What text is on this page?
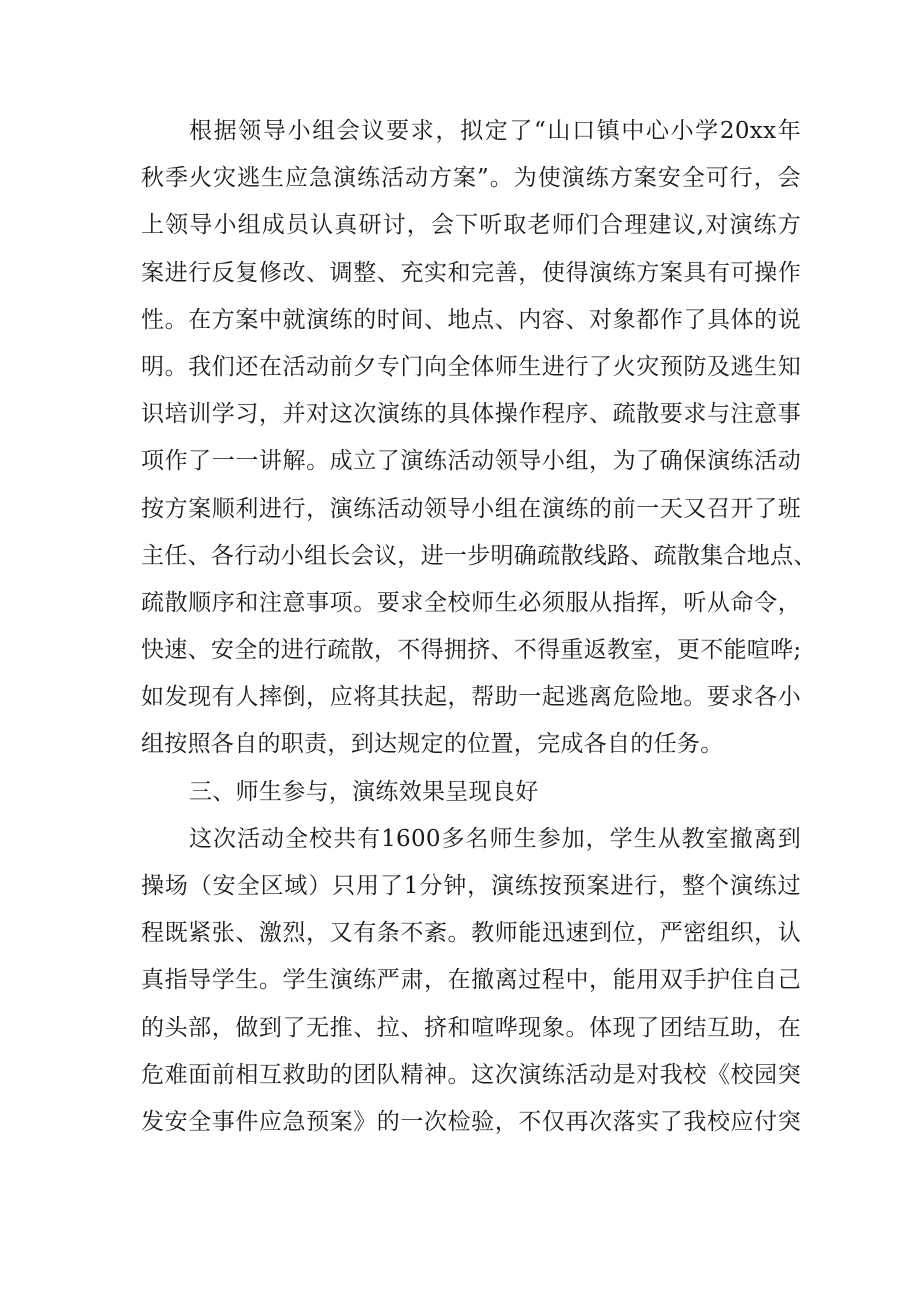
根据领导小组会议要求，拟定了“山口镇中心小学20xx年
秋季火灾逃生应急演练活动方案”。为使演练方案安全可行，会
上领导小组成员认真研讨，会下听取老师们合理建议,对演练方
案进行反复修改、调整、充实和完善，使得演练方案具有可操作
性。在方案中就演练的时间、地点、内容、对象都作了具体的说
明。我们还在活动前夕专门向全体师生进行了火灾预防及逃生知
识培训学习，并对这次演练的具体操作程序、疏散要求与注意事
项作了一一讲解。成立了演练活动领导小组，为了确保演练活动
按方案顺利进行，演练活动领导小组在演练的前一天又召开了班
主任、各行动小组长会议，进一步明确疏散线路、疏散集合地点、
疏散顺序和注意事项。要求全校师生必须服从指挥，听从命令，
快速、安全的进行疏散，不得拥挤、不得重返教室，更不能喧哗;
如发现有人摔倒，应将其扶起，帮助一起逃离危险地。要求各小
组按照各自的职责，到达规定的位置，完成各自的任务。
三、师生参与，演练效果呈现良好
这次活动全校共有1600多名师生参加，学生从教室撤离到
操场（安全区域）只用了1分钟，演练按预案进行，整个演练过
程既紧张、激烈，又有条不紊。教师能迅速到位，严密组织，认
真指导学生。学生演练严肃，在撤离过程中，能用双手护住自己
的头部，做到了无推、拉、挤和喧哗现象。体现了团结互助，在
危难面前相互救助的团队精神。这次演练活动是对我校《校园突
发安全事件应急预案》的一次检验，不仅再次落实了我校应付突
